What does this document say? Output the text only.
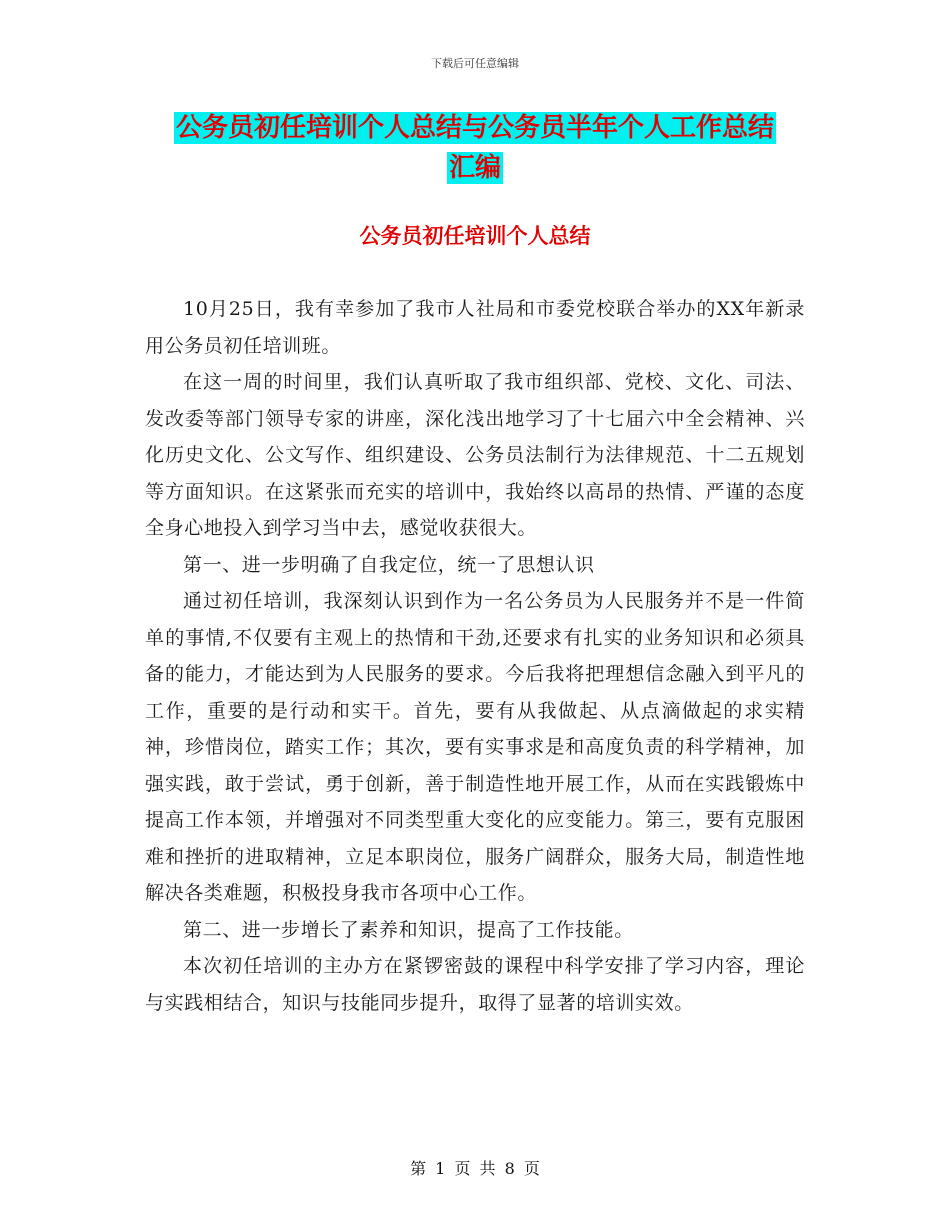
下载后可任意编辑
公务员初任培训个人总结与公务员半年个人工作总结
汇编
公务员初任培训个人总结

10月25日，我有幸参加了我市人社局和市委党校联合举办的XX年新录用公务员初任培训班。

在这一周的时间里，我们认真听取了我市组织部、党校、文化、司法、发改委等部门领导专家的讲座，深化浅出地学习了十七届六中全会精神、兴化历史文化、公文写作、组织建设、公务员法制行为法律规范、十二五规划等方面知识。在这紧张而充实的培训中，我始终以高昂的热情、严谨的态度全身心地投入到学习当中去，感觉收获很大。

第一、进一步明确了自我定位，统一了思想认识

通过初任培训，我深刻认识到作为一名公务员为人民服务并不是一件简单的事情,不仅要有主观上的热情和干劲,还要求有扎实的业务知识和必须具备的能力，才能达到为人民服务的要求。今后我将把理想信念融入到平凡的工作，重要的是行动和实干。首先，要有从我做起、从点滴做起的求实精神，珍惜岗位，踏实工作；其次，要有实事求是和高度负责的科学精神，加强实践，敢于尝试，勇于创新，善于制造性地开展工作，从而在实践锻炼中提高工作本领，并增强对不同类型重大变化的应变能力。第三，要有克服困难和挫折的进取精神，立足本职岗位，服务广阔群众，服务大局，制造性地解决各类难题，积极投身我市各项中心工作。

第二、进一步增长了素养和知识，提高了工作技能。

本次初任培训的主办方在紧锣密鼓的课程中科学安排了学习内容，理论与实践相结合，知识与技能同步提升，取得了显著的培训实效。

第 1 页 共 8 页
